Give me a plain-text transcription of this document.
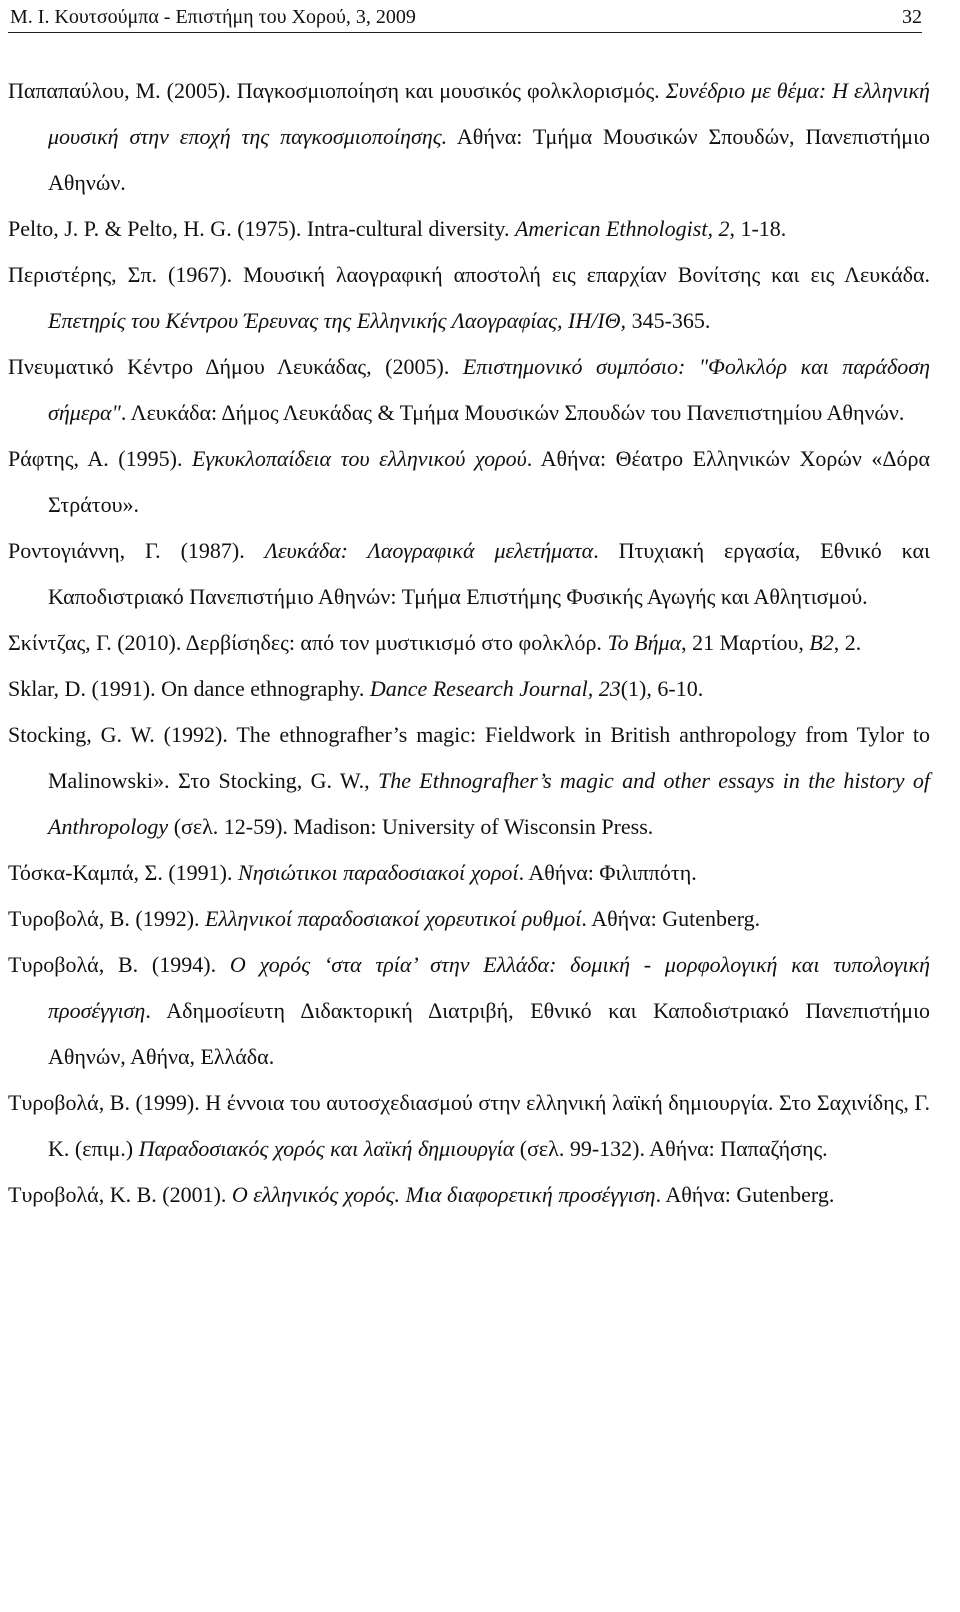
Μ. Ι. Κουτσούμπα - Επιστήμη του Χορού, 3, 2009	32

Παπαπαύλου, Μ. (2005). Παγκοσμιοποίηση και μουσικός φολκλορισμός. Συνέδριο με θέμα: Η ελληνική μουσική στην εποχή της παγκοσμιοποίησης. Αθήνα: Τμήμα Μουσικών Σπουδών, Πανεπιστήμιο Αθηνών.

Pelto, J. P. & Pelto, H. G. (1975). Intra-cultural diversity. American Ethnologist, 2, 1-18.

Περιστέρης, Σπ. (1967). Μουσική λαογραφική αποστολή εις επαρχίαν Βονίτσης και εις Λευκάδα. Επετηρίς του Κέντρου Έρευνας της Ελληνικής Λαογραφίας, ΙΗ/ΙΘ, 345-365.

Πνευματικό Κέντρο Δήμου Λευκάδας, (2005). Επιστημονικό συμπόσιο: "Φολκλόρ και παράδοση σήμερα". Λευκάδα: Δήμος Λευκάδας & Τμήμα Μουσικών Σπουδών του Πανεπιστημίου Αθηνών.

Ράφτης, Α. (1995). Εγκυκλοπαίδεια του ελληνικού χορού. Αθήνα: Θέατρο Ελληνικών Χορών «Δόρα Στράτου».

Ροντογιάννη, Γ. (1987). Λευκάδα: Λαογραφικά μελετήματα. Πτυχιακή εργασία, Εθνικό και Καποδιστριακό Πανεπιστήμιο Αθηνών: Τμήμα Επιστήμης Φυσικής Αγωγής και Αθλητισμού.

Σκίντζας, Γ. (2010). Δερβίσηδες: από τον μυστικισμό στο φολκλόρ. Το Βήμα, 21 Μαρτίου, B2, 2.

Sklar, D. (1991). On dance ethnography. Dance Research Journal, 23(1), 6-10.

Stocking, G. W. (1992). The ethnografher’s magic: Fieldwork in British anthropology from Tylor to Malinowski». Στο Stocking, G. W., The Ethnografher’s magic and other essays in the history of Anthropology (σελ. 12-59). Madison: University of Wisconsin Press.

Τόσκα-Καμπά, Σ. (1991). Νησιώτικοι παραδοσιακοί χοροί. Αθήνα: Φιλιππότη.

Τυροβολά, Β. (1992). Ελληνικοί παραδοσιακοί χορευτικοί ρυθμοί. Αθήνα: Gutenberg.

Τυροβολά, Β. (1994). Ο χορός ‘στα τρία’ στην Ελλάδα: δομική - μορφολογική και τυπολογική προσέγγιση. Αδημοσίευτη Διδακτορική Διατριβή, Εθνικό και Καποδιστριακό Πανεπιστήμιο Αθηνών, Αθήνα, Ελλάδα.

Τυροβολά, Β. (1999). Η έννοια του αυτοσχεδιασμού στην ελληνική λαϊκή δημιουργία. Στο Σαχινίδης, Γ. Κ. (επιμ.) Παραδοσιακός χορός και λαϊκή δημιουργία (σελ. 99-132). Αθήνα: Παπαζήσης.

Τυροβολά, Κ. Β. (2001). Ο ελληνικός χορός. Μια διαφορετική προσέγγιση. Αθήνα: Gutenberg.
